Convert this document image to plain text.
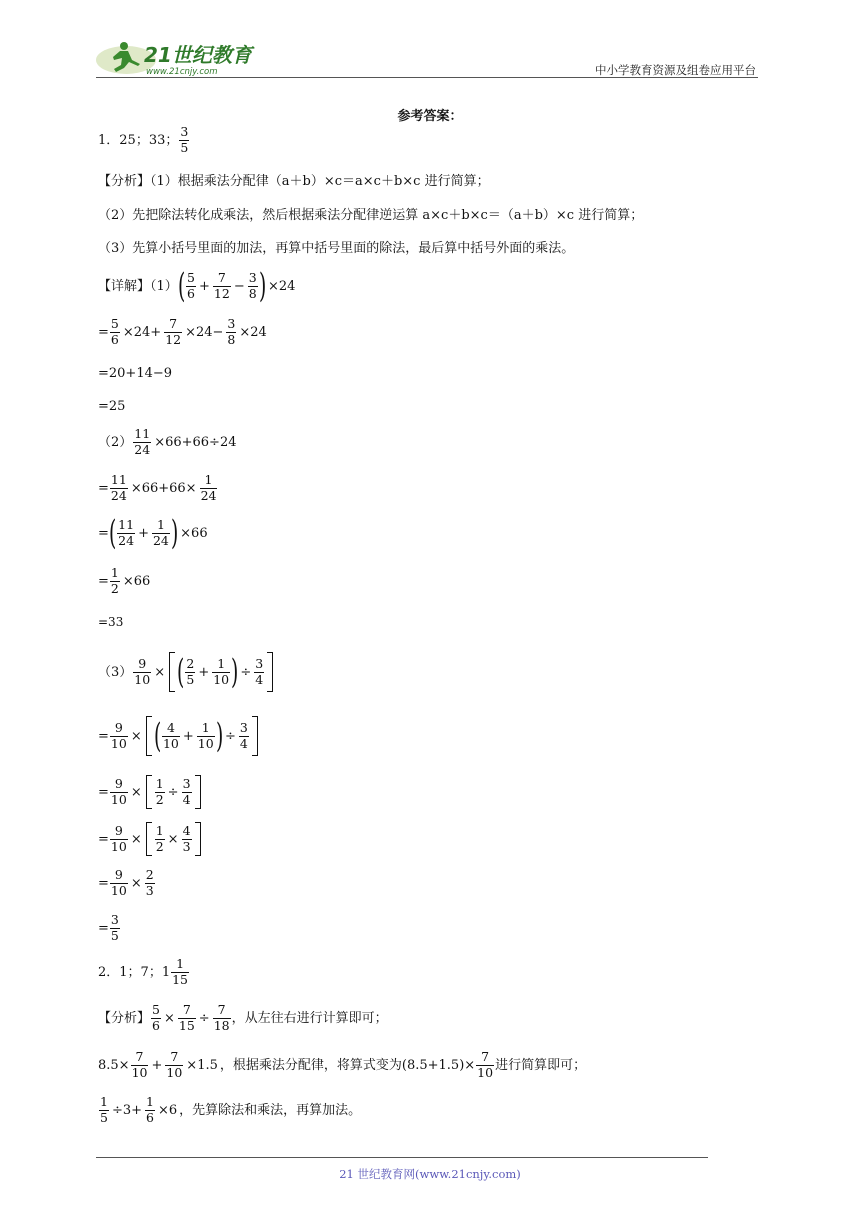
21世纪教育
www.21cnjy.com	中小学教育资源及组卷应用平台
参考答案：
1．25；33； $\frac{3}{5}$
【分析】（1）根据乘法分配律（a＋b）×c＝a×c＋b×c 进行简算；
（2）先把除法转化成乘法，然后根据乘法分配律逆运算 a×c＋b×c＝（a＋b）×c 进行简算；
（3）先算小括号里面的加法，再算中括号里面的除法，最后算中括号外面的乘法。
【详解】（1） ( $\frac{5}{6} + \frac{7}{12} - \frac{3}{8}$ ) ×24
= $\frac{5}{6} \times 24+ \frac{7}{12} \times 24- \frac{3}{8} \times 24$
=20+14−9
=25
$(2) \frac{11}{24} \times 66+66\div 24$
= $\frac{11}{24} \times 66+66\times \frac{1}{24}$
= ( $\frac{11}{24} + \frac{1}{24}$ ) ×66
= $\frac{1}{2} \times 66$
=33
$(3) \frac{9}{10}$ × ( $\frac{2}{5} + \frac{1}{10}$ ) ÷ $\frac{3}{4}$
= $\frac{9}{10}$ × ( $\frac{4}{10} + \frac{1}{10}$ ) ÷ $\frac{3}{4}$
= $\frac{9}{10} \times \frac{1}{2} \div \frac{3}{4}$
= $\frac{9}{10} \times \frac{1}{2} \times \frac{4}{3}$
= $\frac{9}{10} \times \frac{2}{3}$
= $\frac{3}{5}$
2．1；7；$1 \frac{1}{15}$
【分析】 $\frac{5}{6} \times \frac{7}{15} \div \frac{7}{18}$ ，从左往右进行计算即可；
$8.5\times \frac{7}{10} + \frac{7}{10} \times 1.5$ ，根据乘法分配律，将算式变为 $(8.5+1.5)\times \frac{7}{10}$ 进行简算即可；
$\frac{1}{5} \div 3+ \frac{1}{6} \times 6$ ，先算除法和乘法，再算加法。
21 世纪教育网(www.21cnjy.com)
